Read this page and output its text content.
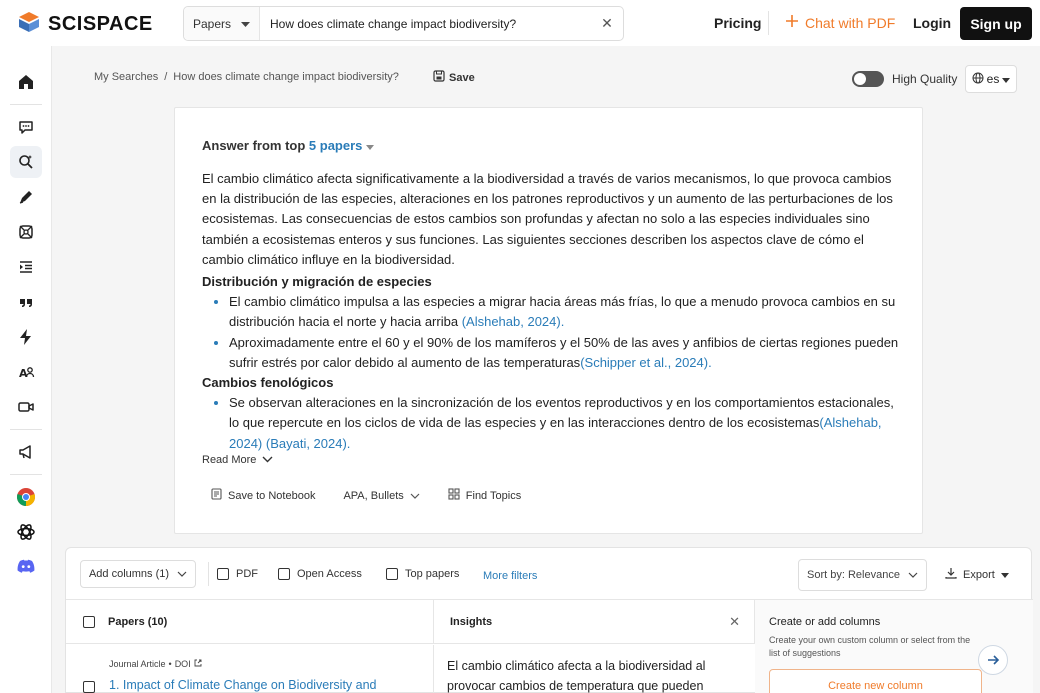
SCISPACE	Papers
How does climate change impact biodiversity?	✕	Pricing	Chat with PDF Login	Sign up
A
My Searches / How does climate change impact biodiversity?	Save	High Quality es
Answer from top 5 papers

El cambio climático afecta significativamente a la biodiversidad a través de varios mecanismos, lo que provoca cambios en la distribución de las especies, alteraciones en los patrones reproductivos y un aumento de las perturbaciones de los ecosistemas. Las consecuencias de estos cambios son profundas y afectan no solo a las especies individuales sino también a ecosistemas enteros y sus funciones. Las siguientes secciones describen los aspectos clave de cómo el cambio climático influye en la biodiversidad.

Distribución y migración de especies
El cambio climático impulsa a las especies a migrar hacia áreas más frías, lo que a menudo provoca cambios en su distribución hacia el norte y hacia arriba (Alshehab, 2024).
Aproximadamente entre el 60 y el 90% de los mamíferos y el 50% de las aves y anfibios de ciertas regiones pueden sufrir estrés por calor debido al aumento de las temperaturas(Schipper et al., 2024).
Cambios fenológicos
Se observan alteraciones en la sincronización de los eventos reproductivos y en los comportamientos estacionales, lo que repercute en los ciclos de vida de las especies y en las interacciones dentro de los ecosistemas(Alshehab, 2024) (Bayati, 2024).
Read More
Save to Notebook	APA, Bullets	Find Topics
Add columns (1)	PDF	Open Access	Top papers More filters	Sort by: Relevance	Export
Papers (10)	Insights	✕
Journal Article • DOI
1. Impact of Climate Change on Biodiversity and
El cambio climático afecta a la biodiversidad al provocar cambios de temperatura que pueden
Create or add columns
Create your own custom column or select from the list of suggestions
Create new column
